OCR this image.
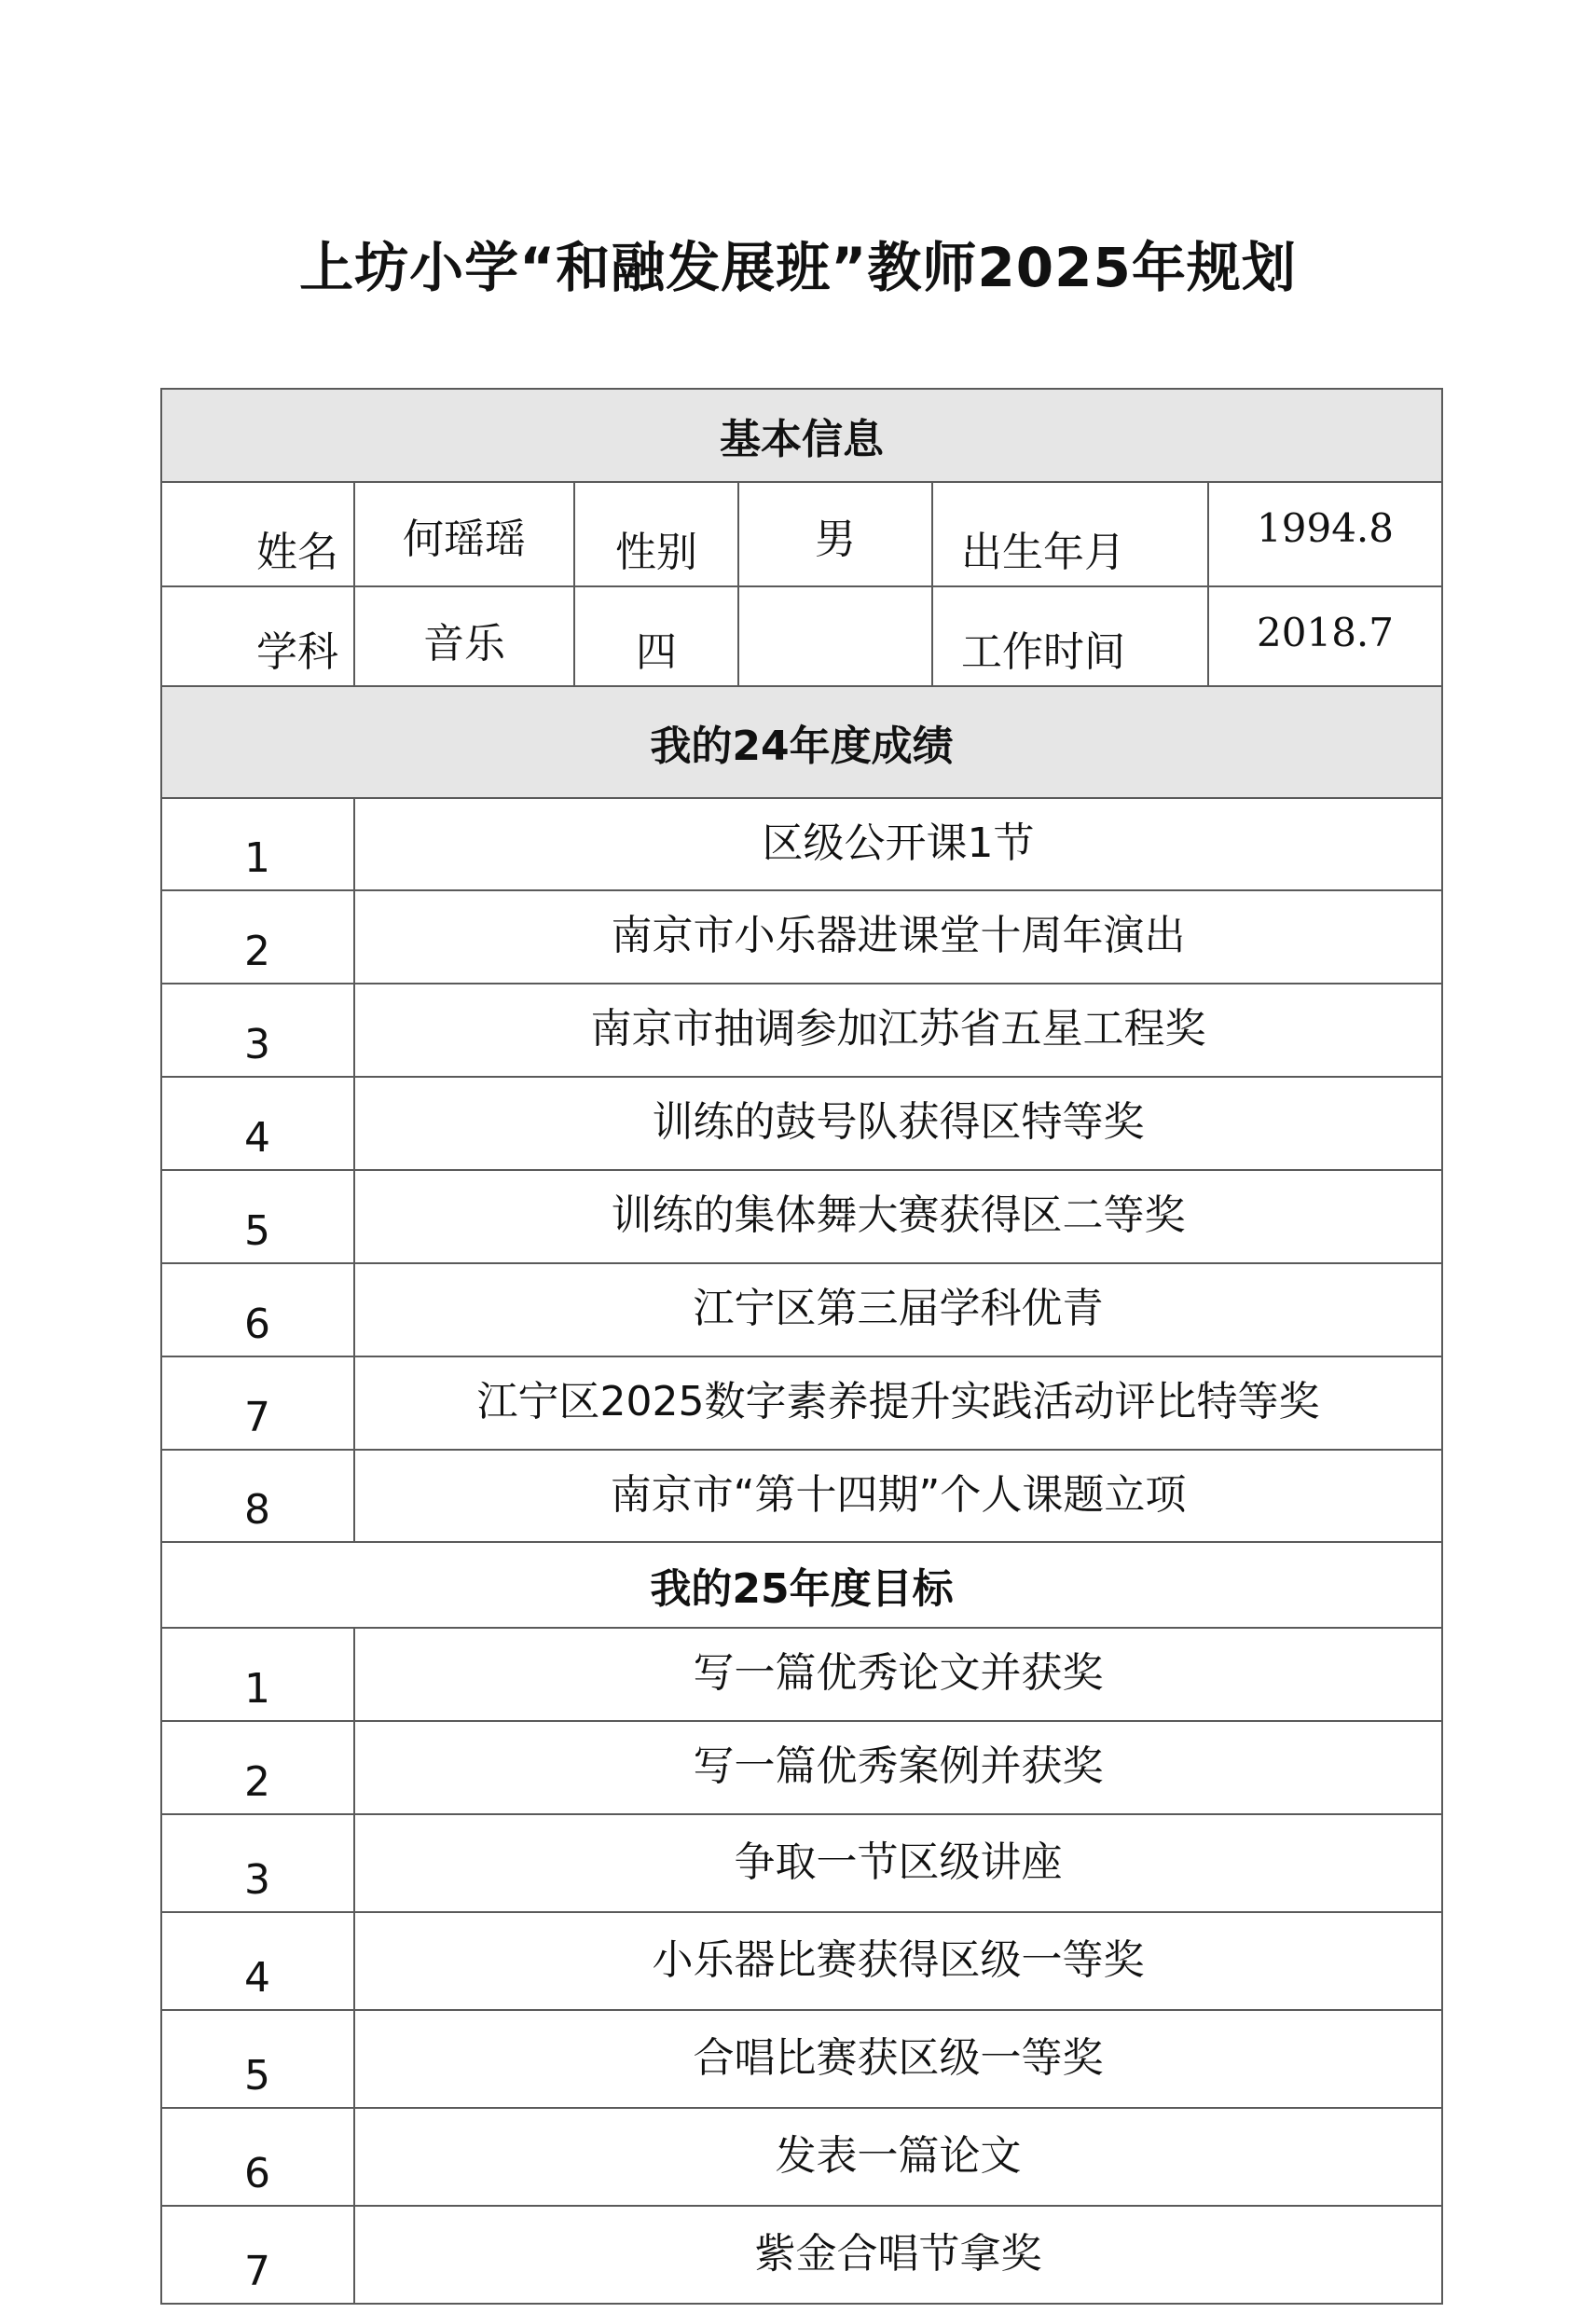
上坊小学“和融发展班”教师2025年规划
基本信息					
姓名	何瑶瑶	性别	男	出生年月	1994.8
学科	音乐	四		工作时间	2018.7
我的24年度成绩					
1	区级公开课1节				
2	南京市小乐器进课堂十周年演出				
3	南京市抽调参加江苏省五星工程奖				
4	训练的鼓号队获得区特等奖				
5	训练的集体舞大赛获得区二等奖				
6	江宁区第三届学科优青				
7	江宁区2025数字素养提升实践活动评比特等奖				
8	南京市“第十四期”个人课题立项				
我的25年度目标					
1	写一篇优秀论文并获奖				
2	写一篇优秀案例并获奖				
3	争取一节区级讲座				
4	小乐器比赛获得区级一等奖				
5	合唱比赛获区级一等奖				
6	发表一篇论文				
7	紫金合唱节拿奖				
